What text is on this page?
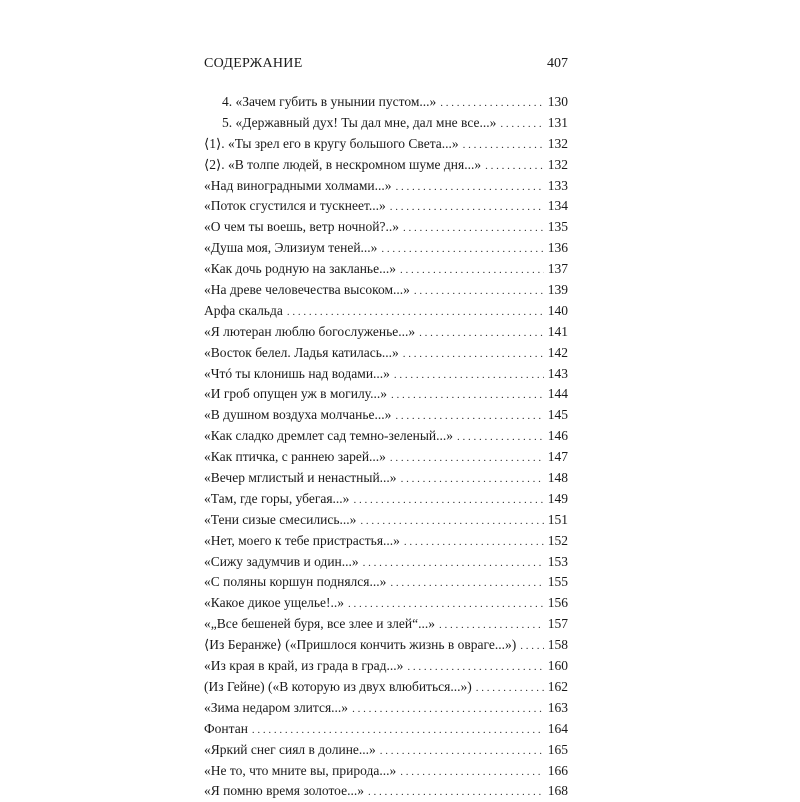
СОДЕРЖАНИЕ	407
4. «Зачем губить в унынии пустом...» . . .	130
5. «Державный дух! Ты дал мне, дал мне все...» . . .	131
⟨1⟩. «Ты зрел его в кругу большого Света...» . . .	132
⟨2⟩. «В толпе людей, в нескромном шуме дня...» . . .	132
«Над виноградными холмами...» . . .	133
«Поток сгустился и тускнеет...» . . .	134
«О чем ты воешь, ветр ночной?..» . . .	135
«Душа моя, Элизиум теней...» . . .	136
«Как дочь родную на закланье...» . . .	137
«На древе человечества высоком...» . . .	139
Арфа скальда . . .	140
«Я лютеран люблю богослуженье...» . . .	141
«Восток белел. Ладья катилась...» . . .	142
«Чтó ты клонишь над водами...» . . .	143
«И гроб опущен уж в могилу...» . . .	144
«В душном воздуха молчанье...» . . .	145
«Как сладко дремлет сад темно-зеленый...» . . .	146
«Как птичка, с раннею зарей...» . . .	147
«Вечер мглистый и ненастный...» . . .	148
«Там, где горы, убегая...» . . .	149
«Тени сизые смесились...» . . .	151
«Нет, моего к тебе пристрастья...» . . .	152
«Сижу задумчив и один...» . . .	153
«С поляны коршун поднялся...» . . .	155
«Какое дикое ущелье!..» . . .	156
«„Все бешеней буря, все злее и злей“...» . . .	157
⟨Из Беранже⟩ («Пришлося кончить жизнь в овраге...») . . . 158
«Из края в край, из града в град...» . . .	160
(Из Гейне) («В которую из двух влюбиться...») . . .	162
«Зима недаром злится...» . . .	163
Фонтан . . .	164
«Яркий снег сиял в долине...» . . .	165
«Не то, что мните вы, природа...» . . .	166
«Я помню время золотое...» . . .	168
